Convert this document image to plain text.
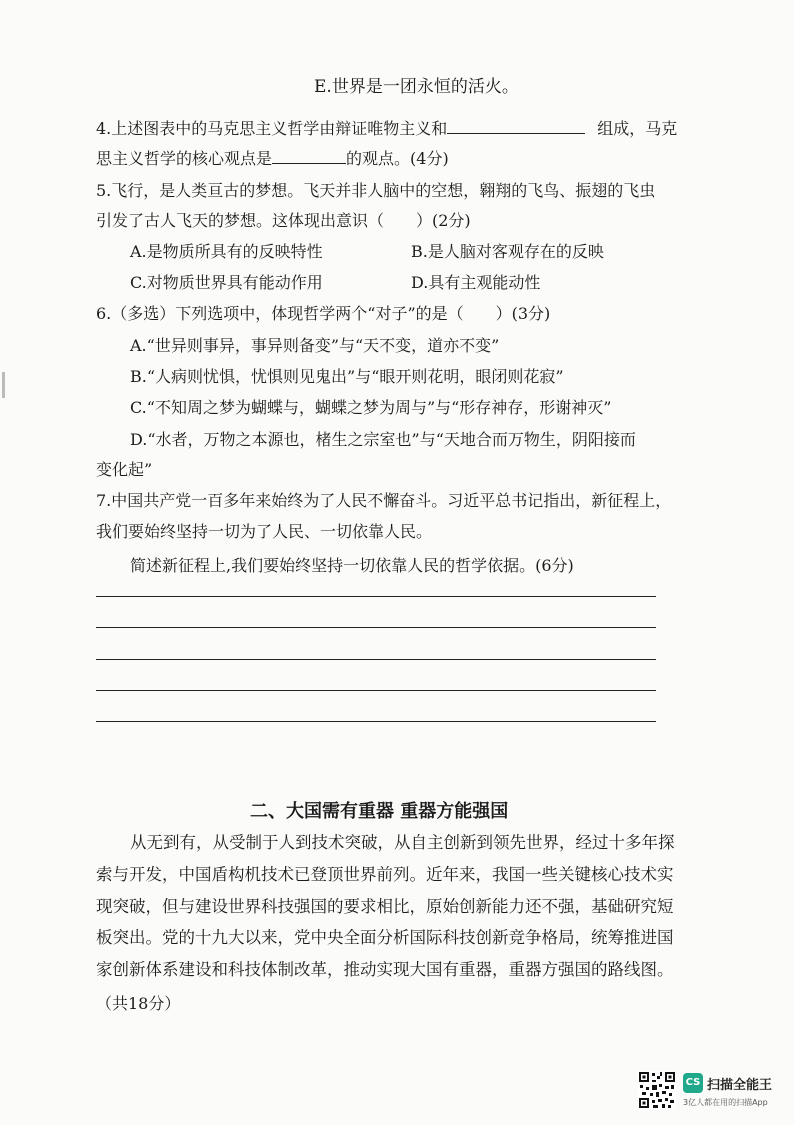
E.世界是一团永恒的活火。
4.上述图表中的马克思主义哲学由辩证唯物主义和	组成，马克
思主义哲学的核心观点是	的观点。(4分)
5.飞行，是人类亘古的梦想。飞天并非人脑中的空想，翱翔的飞鸟、振翅的飞虫
引发了古人飞天的梦想。这体现出意识（　　）(2分)
A.是物质所具有的反映特性	B.是人脑对客观存在的反映
C.对物质世界具有能动作用	D.具有主观能动性
6.（多选）下列选项中，体现哲学两个“对子”的是（　　）(3分)
A.“世异则事异，事异则备变”与“天不变，道亦不变”
B.“人病则忧惧，忧惧则见鬼出”与“眼开则花明，眼闭则花寂”
C.“不知周之梦为蝴蝶与，蝴蝶之梦为周与”与“形存神存，形谢神灭”
D.“水者，万物之本源也，楮生之宗室也”与“天地合而万物生，阴阳接而
变化起”
7.中国共产党一百多年来始终为了人民不懈奋斗。习近平总书记指出，新征程上，
我们要始终坚持一切为了人民、一切依靠人民。
简述新征程上,我们要始终坚持一切依靠人民的哲学依据。(6分)
二、大国需有重器 重器方能强国
从无到有，从受制于人到技术突破，从自主创新到领先世界，经过十多年探
索与开发，中国盾构机技术已登顶世界前列。近年来，我国一些关键核心技术实
现突破，但与建设世界科技强国的要求相比，原始创新能力还不强，基础研究短
板突出。党的十九大以来，党中央全面分析国际科技创新竞争格局，统筹推进国
家创新体系建设和科技体制改革，推动实现大国有重器，重器方强国的路线图。
（共18分）
CS 扫描全能王
3亿人都在用的扫描App
